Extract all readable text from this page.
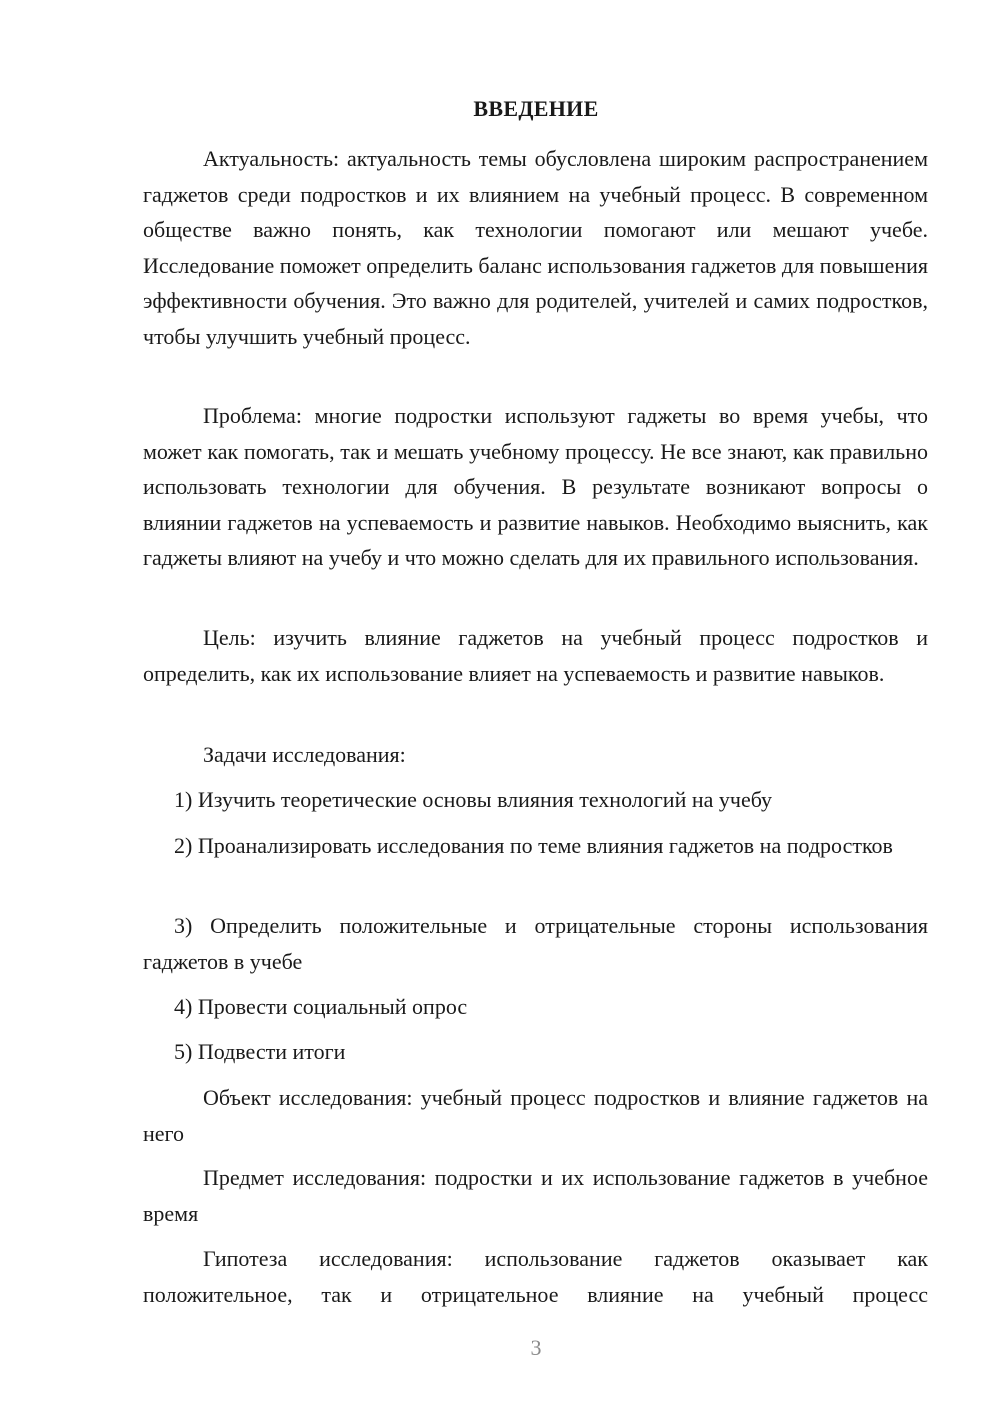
ВВЕДЕНИЕ

Актуальность: актуальность темы обусловлена широким распространением гаджетов среди подростков и их влиянием на учебный процесс. В современном обществе важно понять, как технологии помогают или мешают учебе. Исследование поможет определить баланс использования гаджетов для повышения эффективности обучения. Это важно для родителей, учителей и самих подростков, чтобы улучшить учебный процесс.

Проблема: многие подростки используют гаджеты во время учебы, что может как помогать, так и мешать учебному процессу. Не все знают, как правильно использовать технологии для обучения. В результате возникают вопросы о влиянии гаджетов на успеваемость и развитие навыков. Необходимо выяснить, как гаджеты влияют на учебу и что можно сделать для их правильного использования.

Цель: изучить влияние гаджетов на учебный процесс подростков и определить, как их использование влияет на успеваемость и развитие навыков.

Задачи исследования:

1) Изучить теоретические основы влияния технологий на учебу

2) Проанализировать исследования по теме влияния гаджетов на подростков

3) Определить положительные и отрицательные стороны использования гаджетов в учебе

4) Провести социальный опрос

5) Подвести итоги

Объект исследования: учебный процесс подростков и влияние гаджетов на него

Предмет исследования: подростки и их использование гаджетов в учебное время

Гипотеза исследования: использование гаджетов оказывает как положительное, так и отрицательное влияние на учебный процесс

3
